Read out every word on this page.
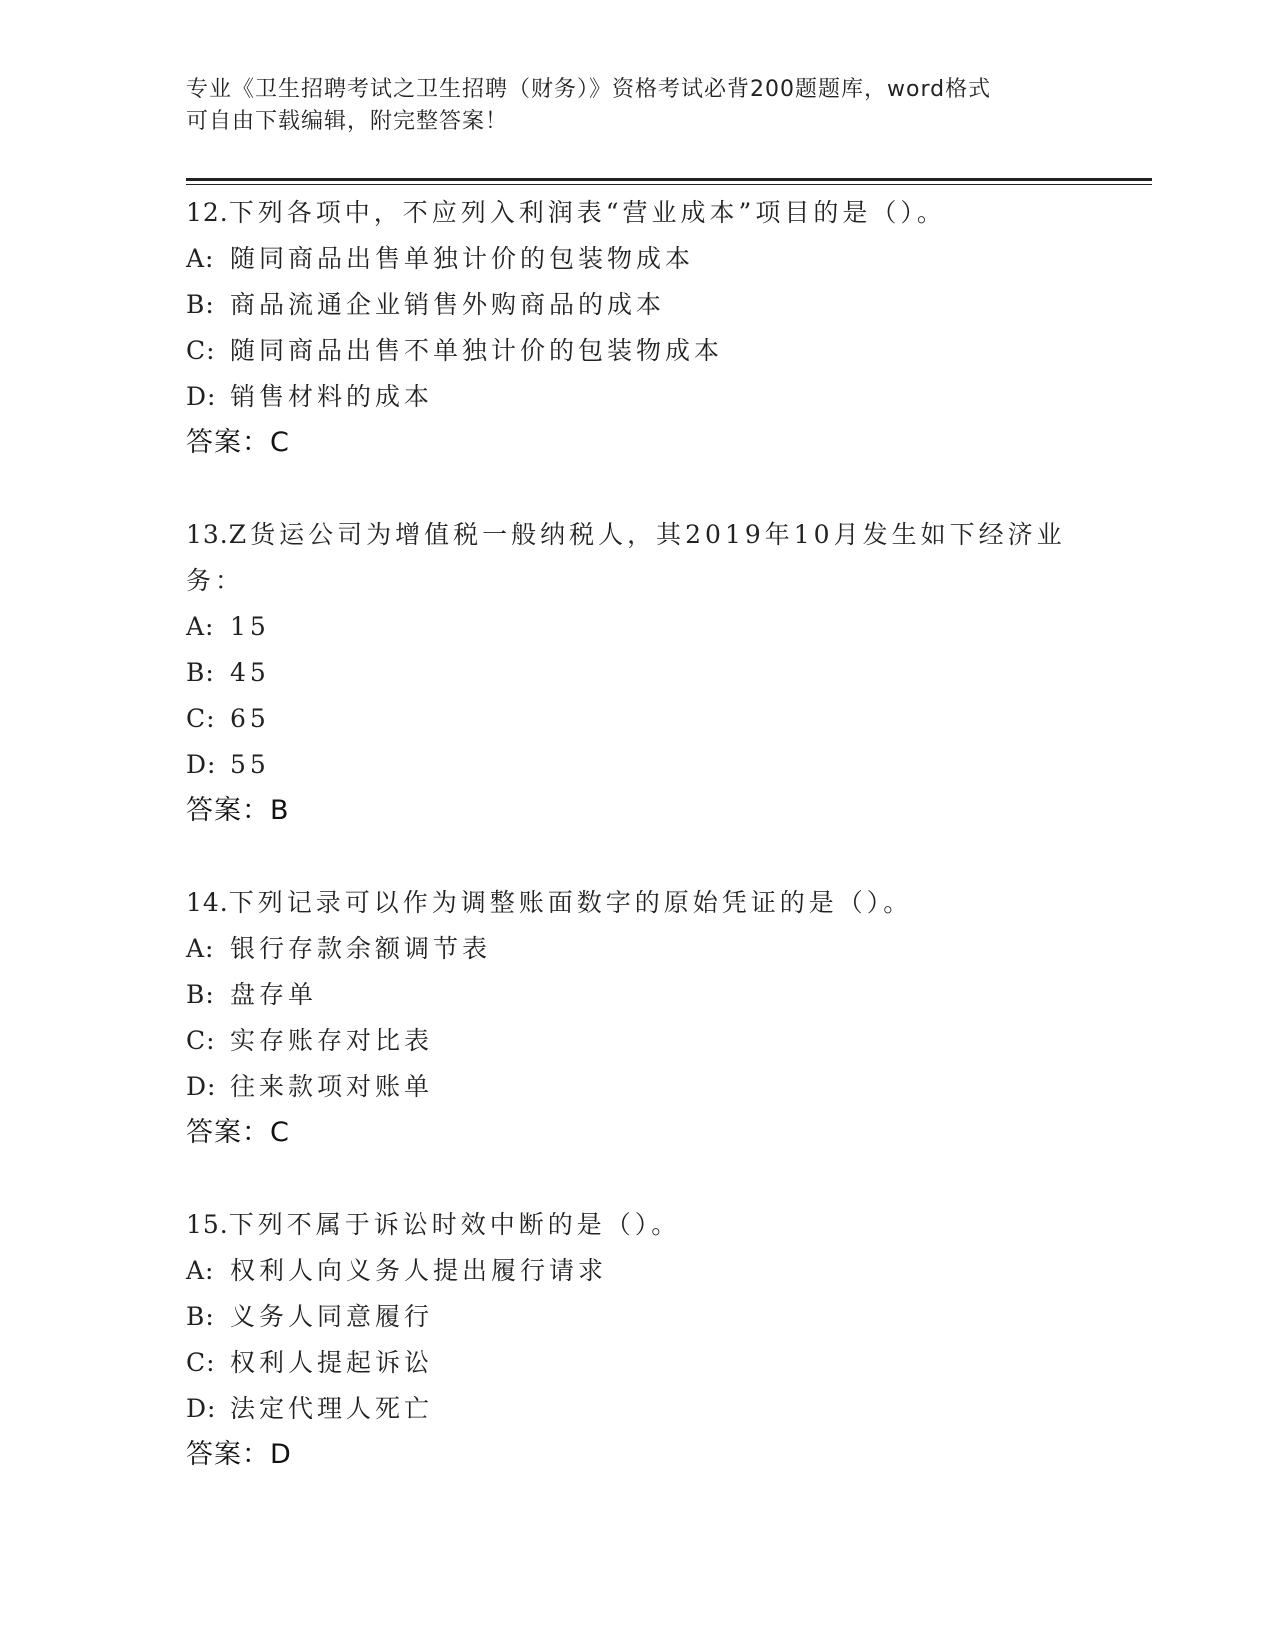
专业《卫生招聘考试之卫生招聘（财务）》资格考试必背200题题库，word格式
可自由下载编辑，附完整答案！

12.下列各项中，不应列入利润表“营业成本”项目的是（）。

A: 随同商品出售单独计价的包装物成本

B: 商品流通企业销售外购商品的成本

C: 随同商品出售不单独计价的包装物成本

D: 销售材料的成本

答案：C

13.Z货运公司为增值税一般纳税人，其2019年10月发生如下经济业务：

A: 15

B: 45

C: 65

D: 55

答案：B

14.下列记录可以作为调整账面数字的原始凭证的是（）。

A: 银行存款余额调节表

B: 盘存单

C: 实存账存对比表

D: 往来款项对账单

答案：C

15.下列不属于诉讼时效中断的是（）。

A: 权利人向义务人提出履行请求

B: 义务人同意履行

C: 权利人提起诉讼

D: 法定代理人死亡

答案：D
